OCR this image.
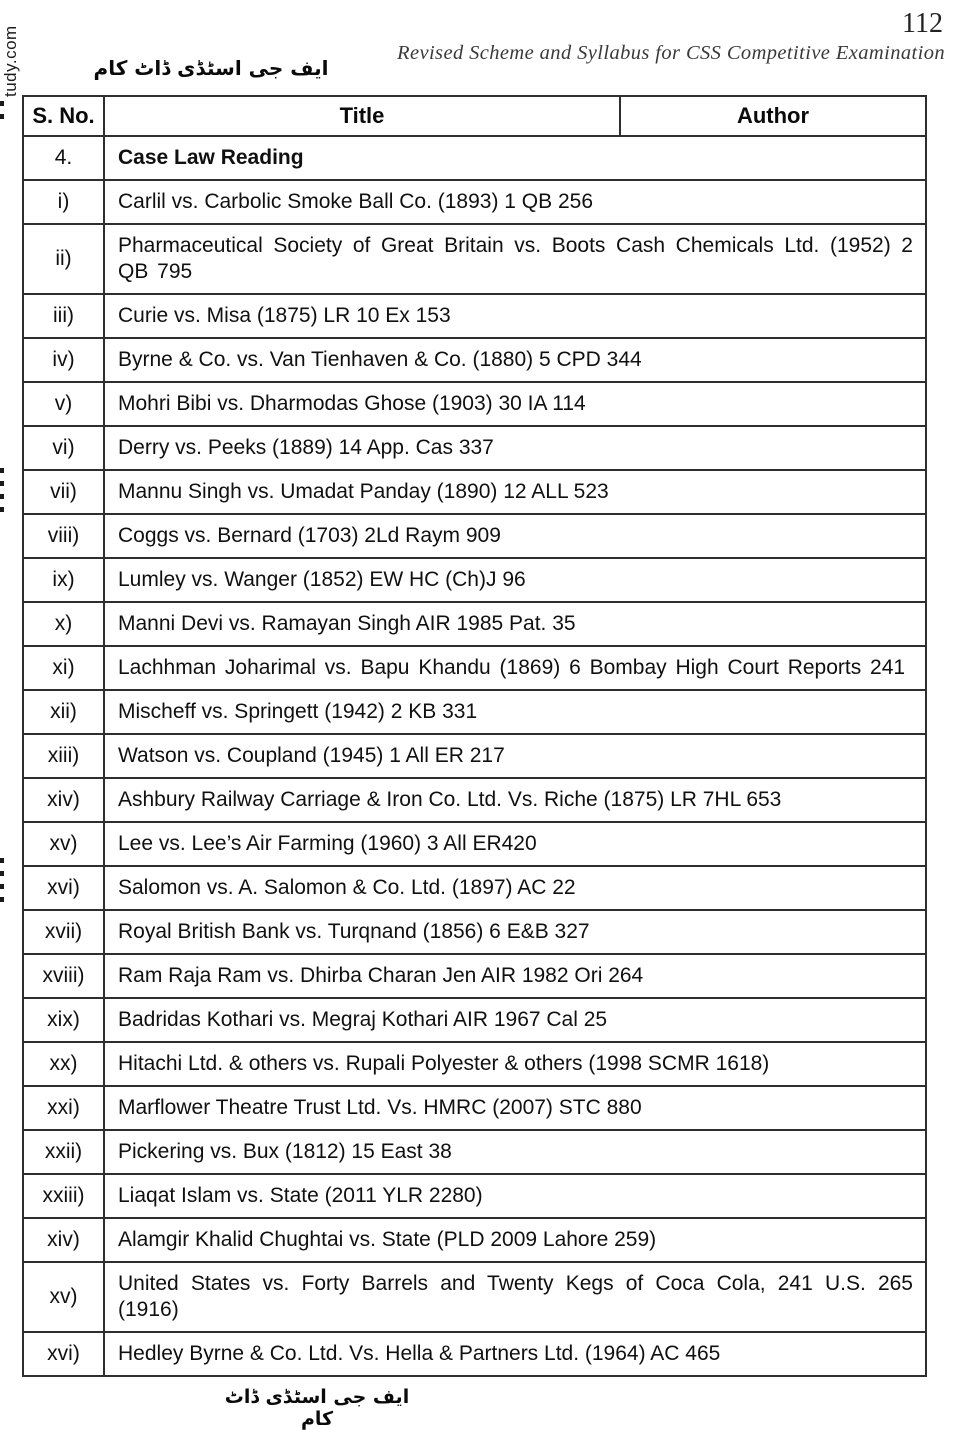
ایف جی اسٹڈی ڈاٹ کام
112
Revised Scheme and Syllabus for CSS Competitive Examination
ایف جی اسٹڈی ڈاٹ کام
tudy.com
S. No.	Title	Author
4.	Case Law Reading	
i)	Carlil vs. Carbolic Smoke Ball Co. (1893) 1 QB 256	
ii)	Pharmaceutical Society of Great Britain vs. Boots Cash Chemicals Ltd. (1952) 2 QB 795	
iii)	Curie vs. Misa (1875) LR 10 Ex 153	
iv)	Byrne & Co. vs. Van Tienhaven & Co. (1880) 5 CPD 344	
v)	Mohri Bibi vs. Dharmodas Ghose (1903) 30 IA 114	
vi)	Derry vs. Peeks (1889) 14 App. Cas 337	
vii)	Mannu Singh vs. Umadat Panday (1890) 12 ALL 523	
viii)	Coggs vs. Bernard (1703) 2Ld Raym 909	
ix)	Lumley vs. Wanger (1852) EW HC (Ch)J 96	
x)	Manni Devi vs. Ramayan Singh AIR 1985 Pat. 35	
xi)	Lachhman Joharimal vs. Bapu Khandu (1869) 6 Bombay High Court Reports 241	
xii)	Mischeff vs. Springett (1942) 2 KB 331	
xiii)	Watson vs. Coupland (1945) 1 All ER 217	
xiv)	Ashbury Railway Carriage & Iron Co. Ltd. Vs. Riche (1875) LR 7HL 653	
xv)	Lee vs. Lee’s Air Farming (1960) 3 All ER420	
xvi)	Salomon vs. A. Salomon & Co. Ltd. (1897) AC 22	
xvii)	Royal British Bank vs. Turqnand (1856) 6 E&B 327	
xviii)	Ram Raja Ram vs. Dhirba Charan Jen AIR 1982 Ori 264	
xix)	Badridas Kothari vs. Megraj Kothari AIR 1967 Cal 25	
xx)	Hitachi Ltd. & others vs. Rupali Polyester & others (1998 SCMR 1618)	
xxi)	Marflower Theatre Trust Ltd. Vs. HMRC (2007) STC 880	
xxii)	Pickering vs. Bux (1812) 15 East 38	
xxiii)	Liaqat Islam vs. State (2011 YLR 2280)	
xiv)	Alamgir Khalid Chughtai vs. State (PLD 2009 Lahore 259)	
xv)	United States vs. Forty Barrels and Twenty Kegs of Coca Cola, 241 U.S. 265 (1916)	
xvi)	Hedley Byrne & Co. Ltd. Vs. Hella & Partners Ltd. (1964) AC 465	
